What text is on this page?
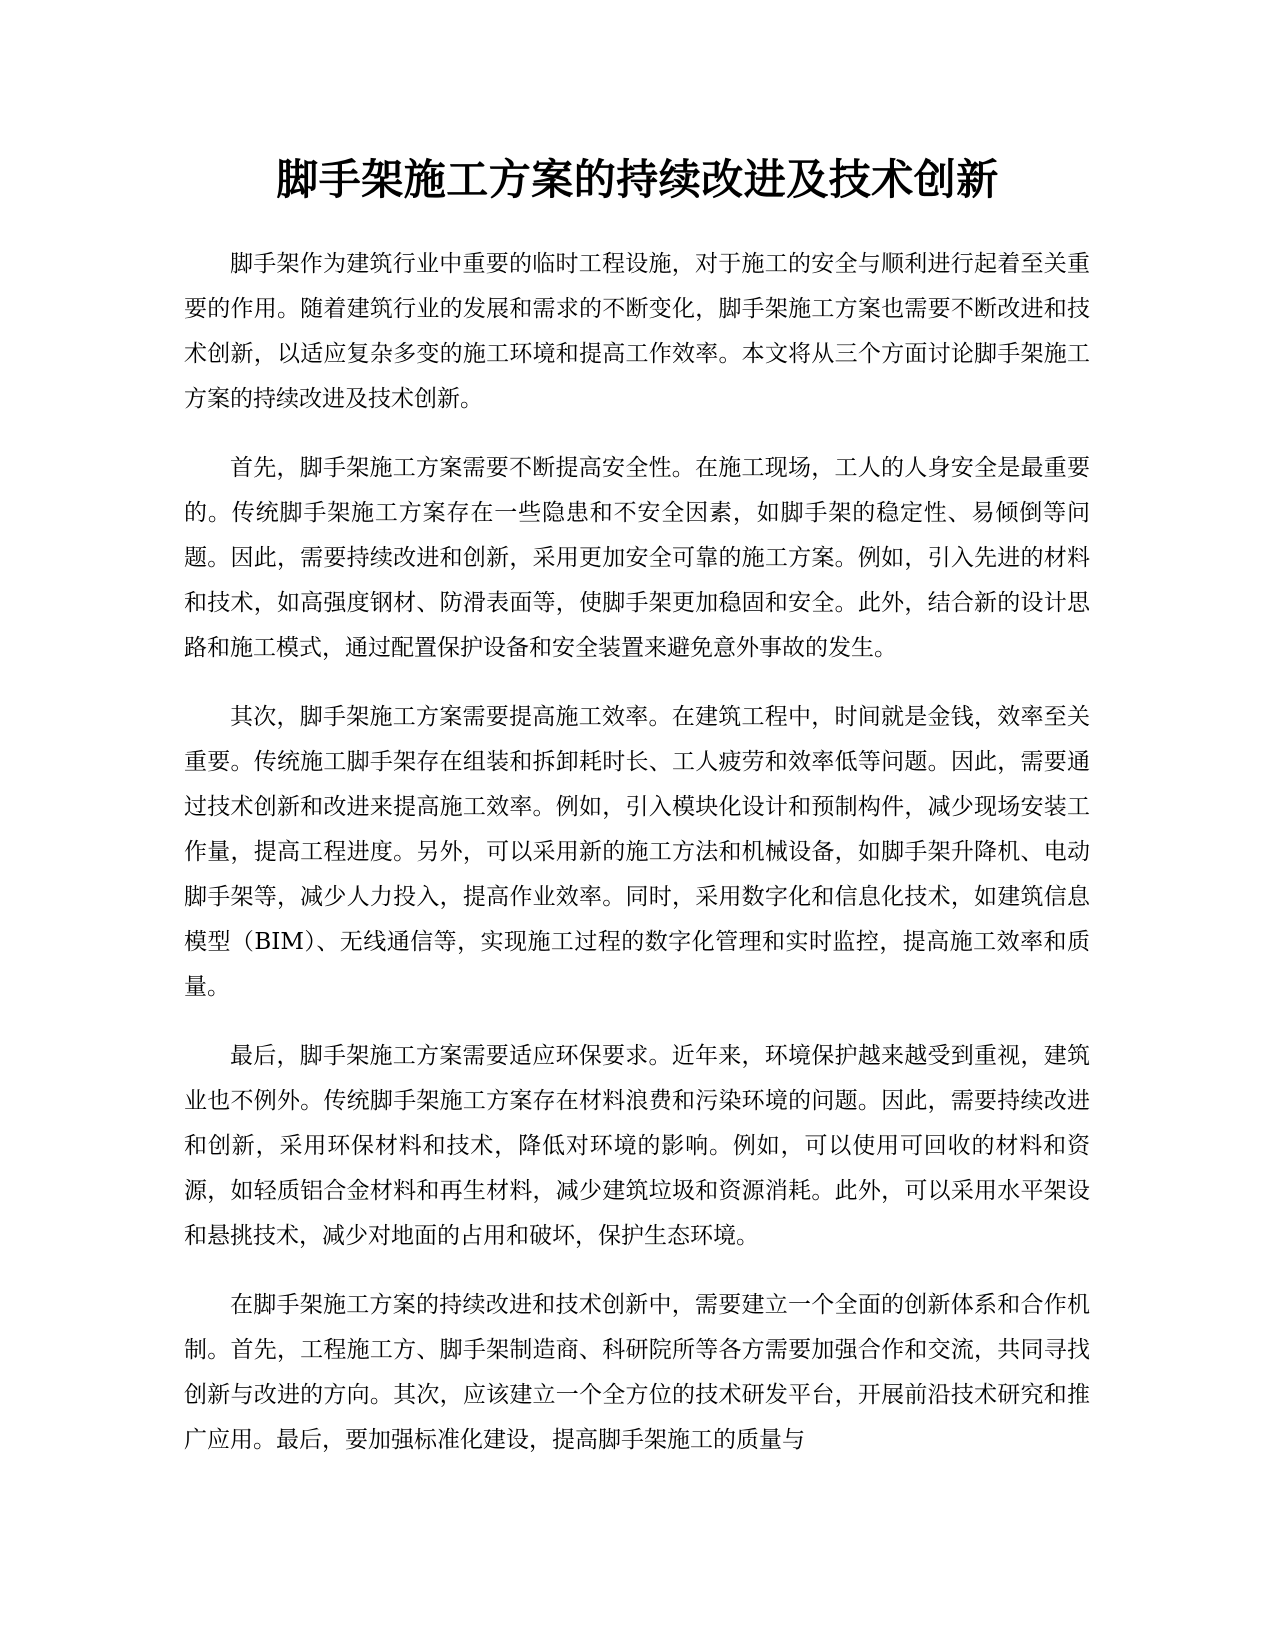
脚手架施工方案的持续改进及技术创新

脚手架作为建筑行业中重要的临时工程设施，对于施工的安全与顺利进行起着至关重要的作用。随着建筑行业的发展和需求的不断变化，脚手架施工方案也需要不断改进和技术创新，以适应复杂多变的施工环境和提高工作效率。本文将从三个方面讨论脚手架施工方案的持续改进及技术创新。

首先，脚手架施工方案需要不断提高安全性。在施工现场，工人的人身安全是最重要的。传统脚手架施工方案存在一些隐患和不安全因素，如脚手架的稳定性、易倾倒等问题。因此，需要持续改进和创新，采用更加安全可靠的施工方案。例如，引入先进的材料和技术，如高强度钢材、防滑表面等，使脚手架更加稳固和安全。此外，结合新的设计思路和施工模式，通过配置保护设备和安全装置来避免意外事故的发生。

其次，脚手架施工方案需要提高施工效率。在建筑工程中，时间就是金钱，效率至关重要。传统施工脚手架存在组装和拆卸耗时长、工人疲劳和效率低等问题。因此，需要通过技术创新和改进来提高施工效率。例如，引入模块化设计和预制构件，减少现场安装工作量，提高工程进度。另外，可以采用新的施工方法和机械设备，如脚手架升降机、电动脚手架等，减少人力投入，提高作业效率。同时，采用数字化和信息化技术，如建筑信息模型（BIM）、无线通信等，实现施工过程的数字化管理和实时监控，提高施工效率和质量。

最后，脚手架施工方案需要适应环保要求。近年来，环境保护越来越受到重视，建筑业也不例外。传统脚手架施工方案存在材料浪费和污染环境的问题。因此，需要持续改进和创新，采用环保材料和技术，降低对环境的影响。例如，可以使用可回收的材料和资源，如轻质铝合金材料和再生材料，减少建筑垃圾和资源消耗。此外，可以采用水平架设和悬挑技术，减少对地面的占用和破坏，保护生态环境。

在脚手架施工方案的持续改进和技术创新中，需要建立一个全面的创新体系和合作机制。首先，工程施工方、脚手架制造商、科研院所等各方需要加强合作和交流，共同寻找创新与改进的方向。其次，应该建立一个全方位的技术研发平台，开展前沿技术研究和推广应用。最后，要加强标准化建设，提高脚手架施工的质量与
